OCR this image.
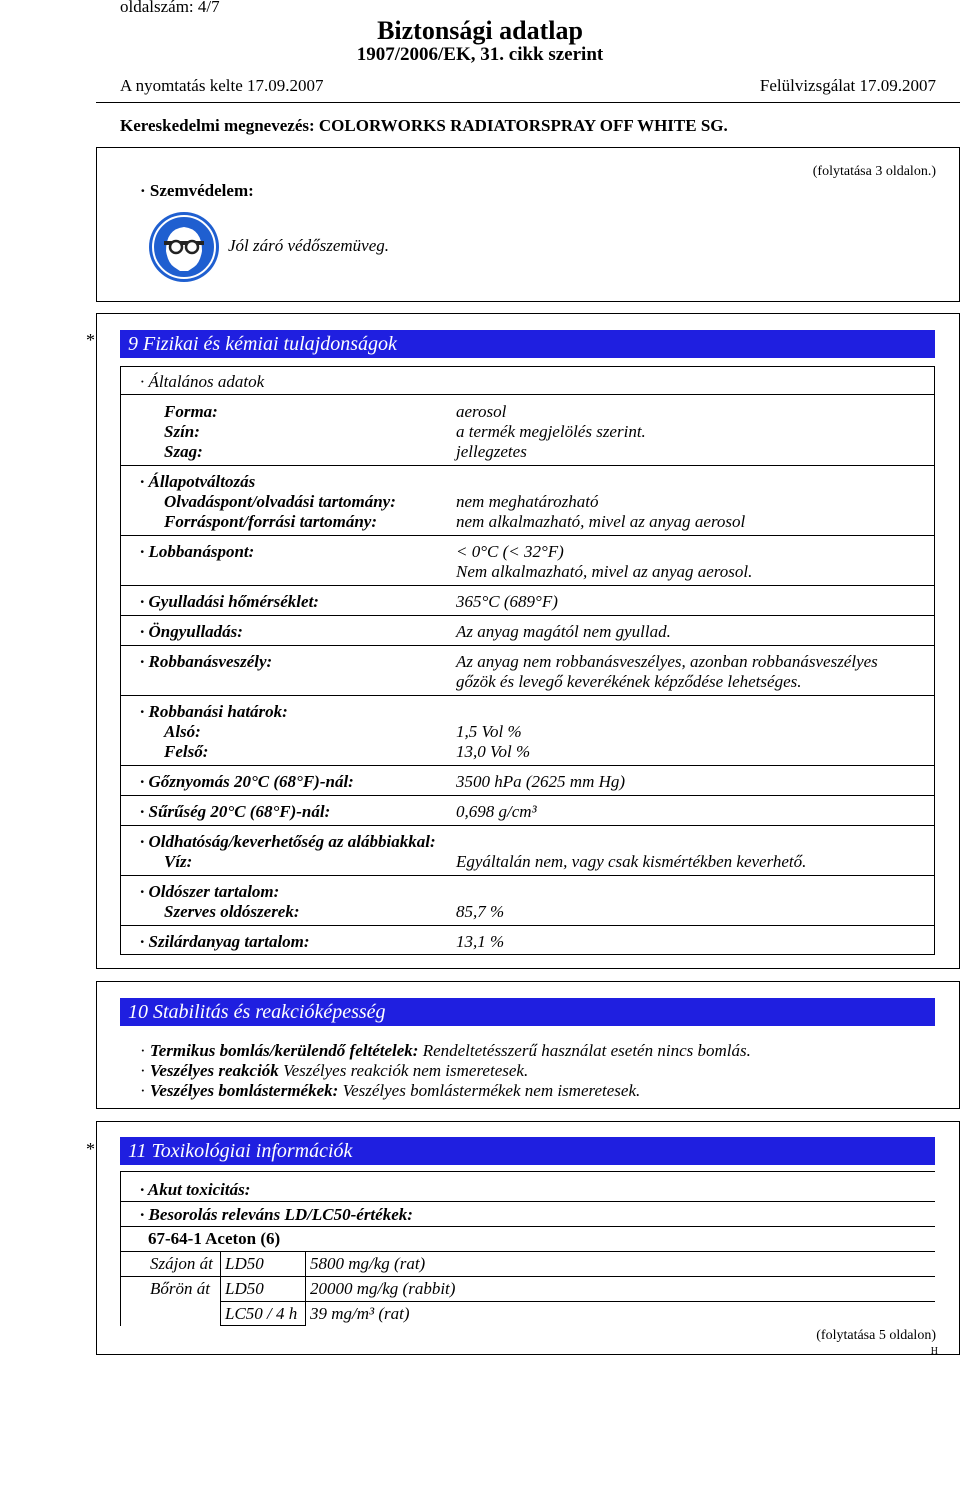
oldalszám: 4/7
Biztonsági adatlap
1907/2006/EK, 31. cikk szerint
A nyomtatás kelte 17.09.2007	Felülvizsgálat 17.09.2007
Kereskedelmi megnevezés: COLORWORKS RADIATORSPRAY OFF WHITE SG.
(folytatása 3 oldalon.)
· Szemvédelem:
Jól záró védőszemüveg.
*	9 Fizikai és kémiai tulajdonságok
· Általános adatok
Forma:	aerosol
Szín:	a termék megjelölés szerint.
Szag:	jellegzetes
· Állapotváltozás
Olvadáspont/olvadási tartomány:	nem meghatározható
Forráspont/forrási tartomány:	nem alkalmazható, mivel az anyag aerosol
· Lobbanáspont:	< 0°C (< 32°F)
Nem alkalmazható, mivel az anyag aerosol.
· Gyulladási hőmérséklet:	365°C (689°F)
· Öngyulladás:	Az anyag magától nem gyullad.
· Robbanásveszély:	Az anyag nem robbanásveszélyes, azonban robbanásveszélyes
gőzök és levegő keverékének képződése lehetséges.
· Robbanási határok:
Alsó:	1,5 Vol %
Felső:	13,0 Vol %
· Gőznyomás 20°C (68°F)-nál:	3500 hPa (2625 mm Hg)
· Sűrűség 20°C (68°F)-nál:	0,698 g/cm³
· Oldhatóság/keverhetőség az alábbiakkal:
Víz:	Egyáltalán nem, vagy csak kismértékben keverhető.
· Oldószer tartalom:
Szerves oldószerek:	85,7 %
· Szilárdanyag tartalom:	13,1 %
10 Stabilitás és reakcióképesség
· Termikus bomlás/kerülendő feltételek: Rendeltetésszerű használat esetén nincs bomlás.
· Veszélyes reakciók Veszélyes reakciók nem ismeretesek.
· Veszélyes bomlástermékek: Veszélyes bomlástermékek nem ismeretesek.
*	11 Toxikológiai információk
· Akut toxicitás:
· Besorolás releváns LD/LC50-értékek:
67-64-1 Aceton (6)
Szájon át LD50	5800 mg/kg (rat)
Bőrön át LD50	20000 mg/kg (rabbit)
LC50 / 4 h 39 mg/m³ (rat)
(folytatása 5 oldalon)
H
